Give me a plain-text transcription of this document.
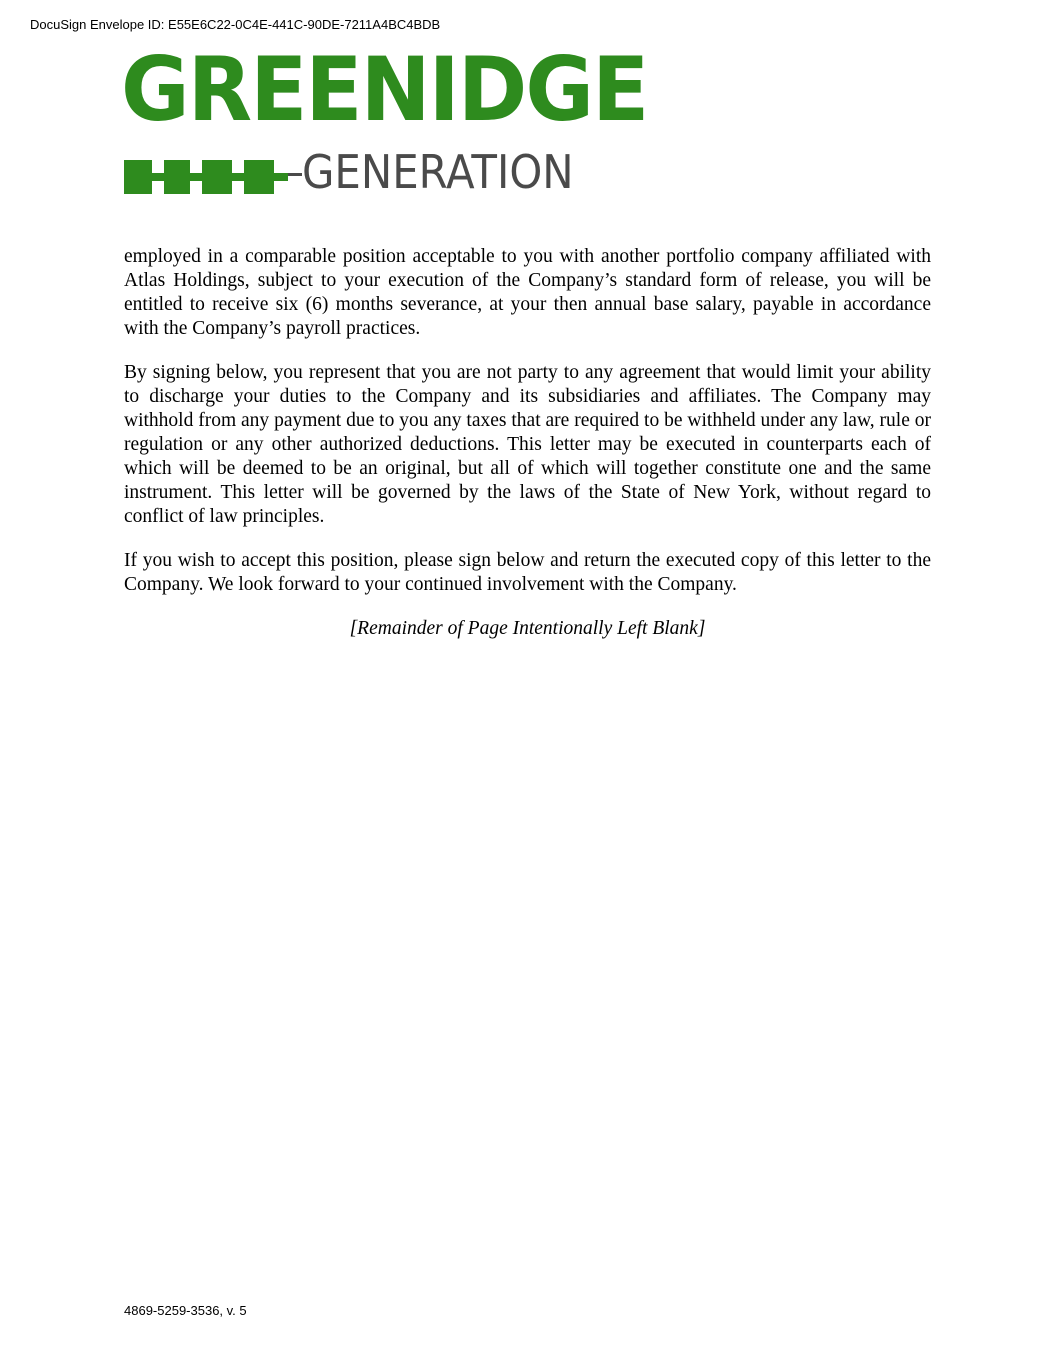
DocuSign Envelope ID: E55E6C22-0C4E-441C-90DE-7211A4BC4BDB
GREENIDGE
GENERATION

employed in a comparable position acceptable to you with another portfolio company affiliated with Atlas Holdings, subject to your execution of the Company’s standard form of release, you will be entitled to receive six (6) months severance, at your then annual base salary, payable in accordance with the Company’s payroll practices.

By signing below, you represent that you are not party to any agreement that would limit your ability to discharge your duties to the Company and its subsidiaries and affiliates. The Company may withhold from any payment due to you any taxes that are required to be withheld under any law, rule or regulation or any other authorized deductions. This letter may be executed in counterparts each of which will be deemed to be an original, but all of which will together constitute one and the same instrument. This letter will be governed by the laws of the State of New York, without regard to conflict of law principles.

If you wish to accept this position, please sign below and return the executed copy of this letter to the Company. We look forward to your continued involvement with the Company.

[Remainder of Page Intentionally Left Blank]

4869-5259-3536, v. 5
